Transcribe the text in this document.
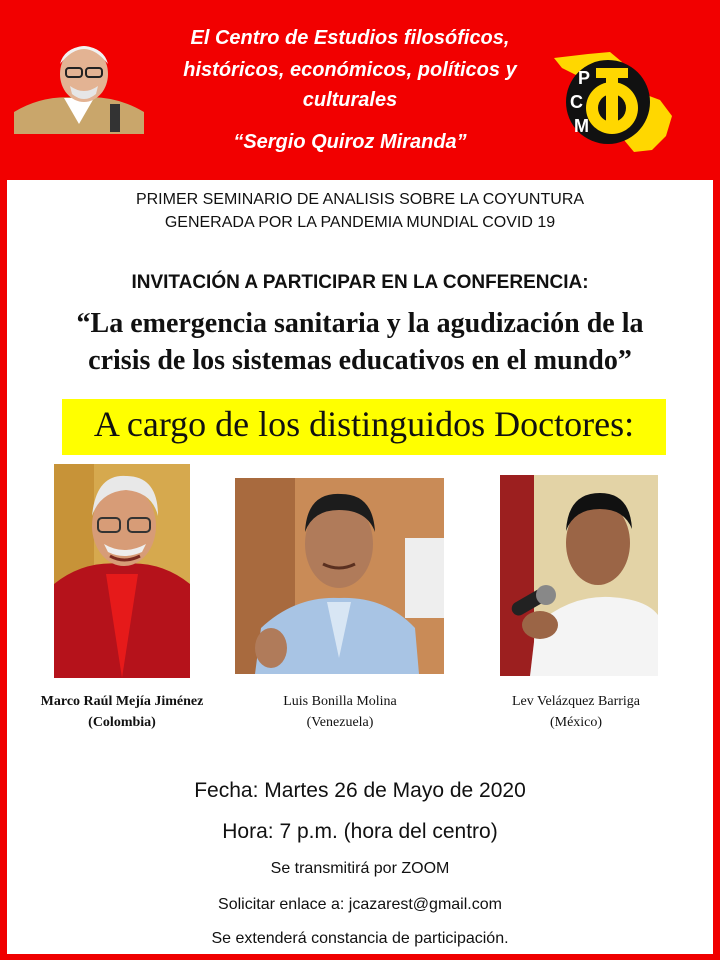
El Centro de Estudios filosóficos,
históricos, económicos, políticos y
culturales
“Sergio Quiroz Miranda”
P
C
M
PRIMER SEMINARIO DE ANALISIS SOBRE LA COYUNTURA
GENERADA POR LA PANDEMIA MUNDIAL COVID 19
INVITACIÓN A PARTICIPAR EN LA CONFERENCIA:
“La emergencia sanitaria y la agudización de la
crisis de los sistemas educativos en el mundo”
A cargo de los distinguidos Doctores:
Marco Raúl Mejía Jiménez
(Colombia)
Luis Bonilla Molina
(Venezuela)
Lev Velázquez Barriga
(México)
Fecha: Martes 26 de Mayo de 2020
Hora: 7 p.m. (hora del centro)
Se transmitirá por ZOOM
Solicitar enlace a: jcazarest@gmail.com
Se extenderá constancia de participación.
